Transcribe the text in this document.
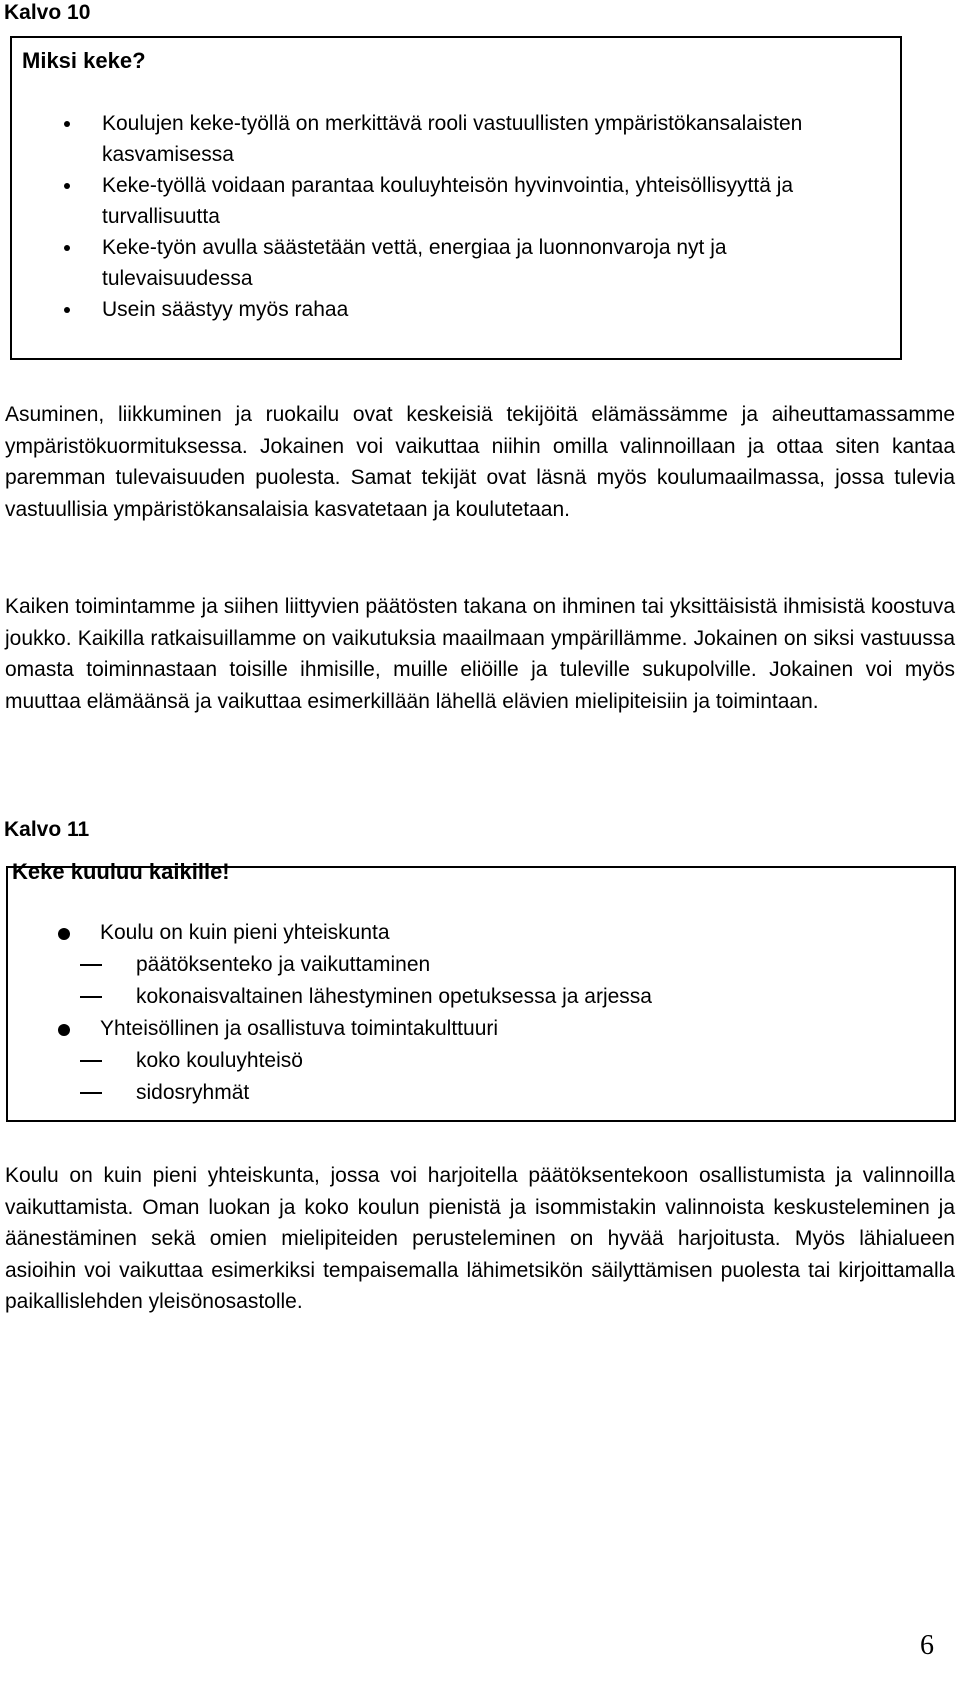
Kalvo 10
Miksi keke?
Koulujen keke-työllä on merkittävä rooli vastuullisten ympäristökansalaisten kasvamisessa
Keke-työllä voidaan parantaa kouluyhteisön hyvinvointia, yhteisöllisyyttä ja turvallisuutta
Keke-työn avulla säästetään vettä, energiaa ja luonnonvaroja nyt ja tulevaisuudessa
Usein säästyy myös rahaa

Asuminen, liikkuminen ja ruokailu ovat keskeisiä tekijöitä elämässämme ja aiheuttamassamme ympäristökuormituksessa. Jokainen voi vaikuttaa niihin omilla valinnoillaan ja ottaa siten kantaa paremman tulevaisuuden puolesta. Samat tekijät ovat läsnä myös koulumaailmassa, jossa tulevia vastuullisia ympäristökansalaisia kasvatetaan ja koulutetaan.

Kaiken toimintamme ja siihen liittyvien päätösten takana on ihminen tai yksittäisistä ihmisistä koostuva joukko. Kaikilla ratkaisuillamme on vaikutuksia maailmaan ympärillämme. Jokainen on siksi vastuussa omasta toiminnastaan toisille ihmisille, muille eliöille ja tuleville sukupolville. Jokainen voi myös muuttaa elämäänsä ja vaikuttaa esimerkillään lähellä elävien mielipiteisiin ja toimintaan.

Kalvo 11
Keke kuuluu kaikille!
Koulu on kuin pieni yhteiskunta
päätöksenteko ja vaikuttaminen
kokonaisvaltainen lähestyminen opetuksessa ja arjessa
Yhteisöllinen ja osallistuva toimintakulttuuri
koko kouluyhteisö
sidosryhmät

Koulu on kuin pieni yhteiskunta, jossa voi harjoitella päätöksentekoon osallistumista ja valinnoilla vaikuttamista. Oman luokan ja koko koulun pienistä ja isommistakin valinnoista keskusteleminen ja äänestäminen sekä omien mielipiteiden perusteleminen on hyvää harjoitusta. Myös lähialueen asioihin voi vaikuttaa esimerkiksi tempaisemalla lähimetsikön säilyttämisen puolesta tai kirjoittamalla paikallislehden yleisönosastolle.

6
